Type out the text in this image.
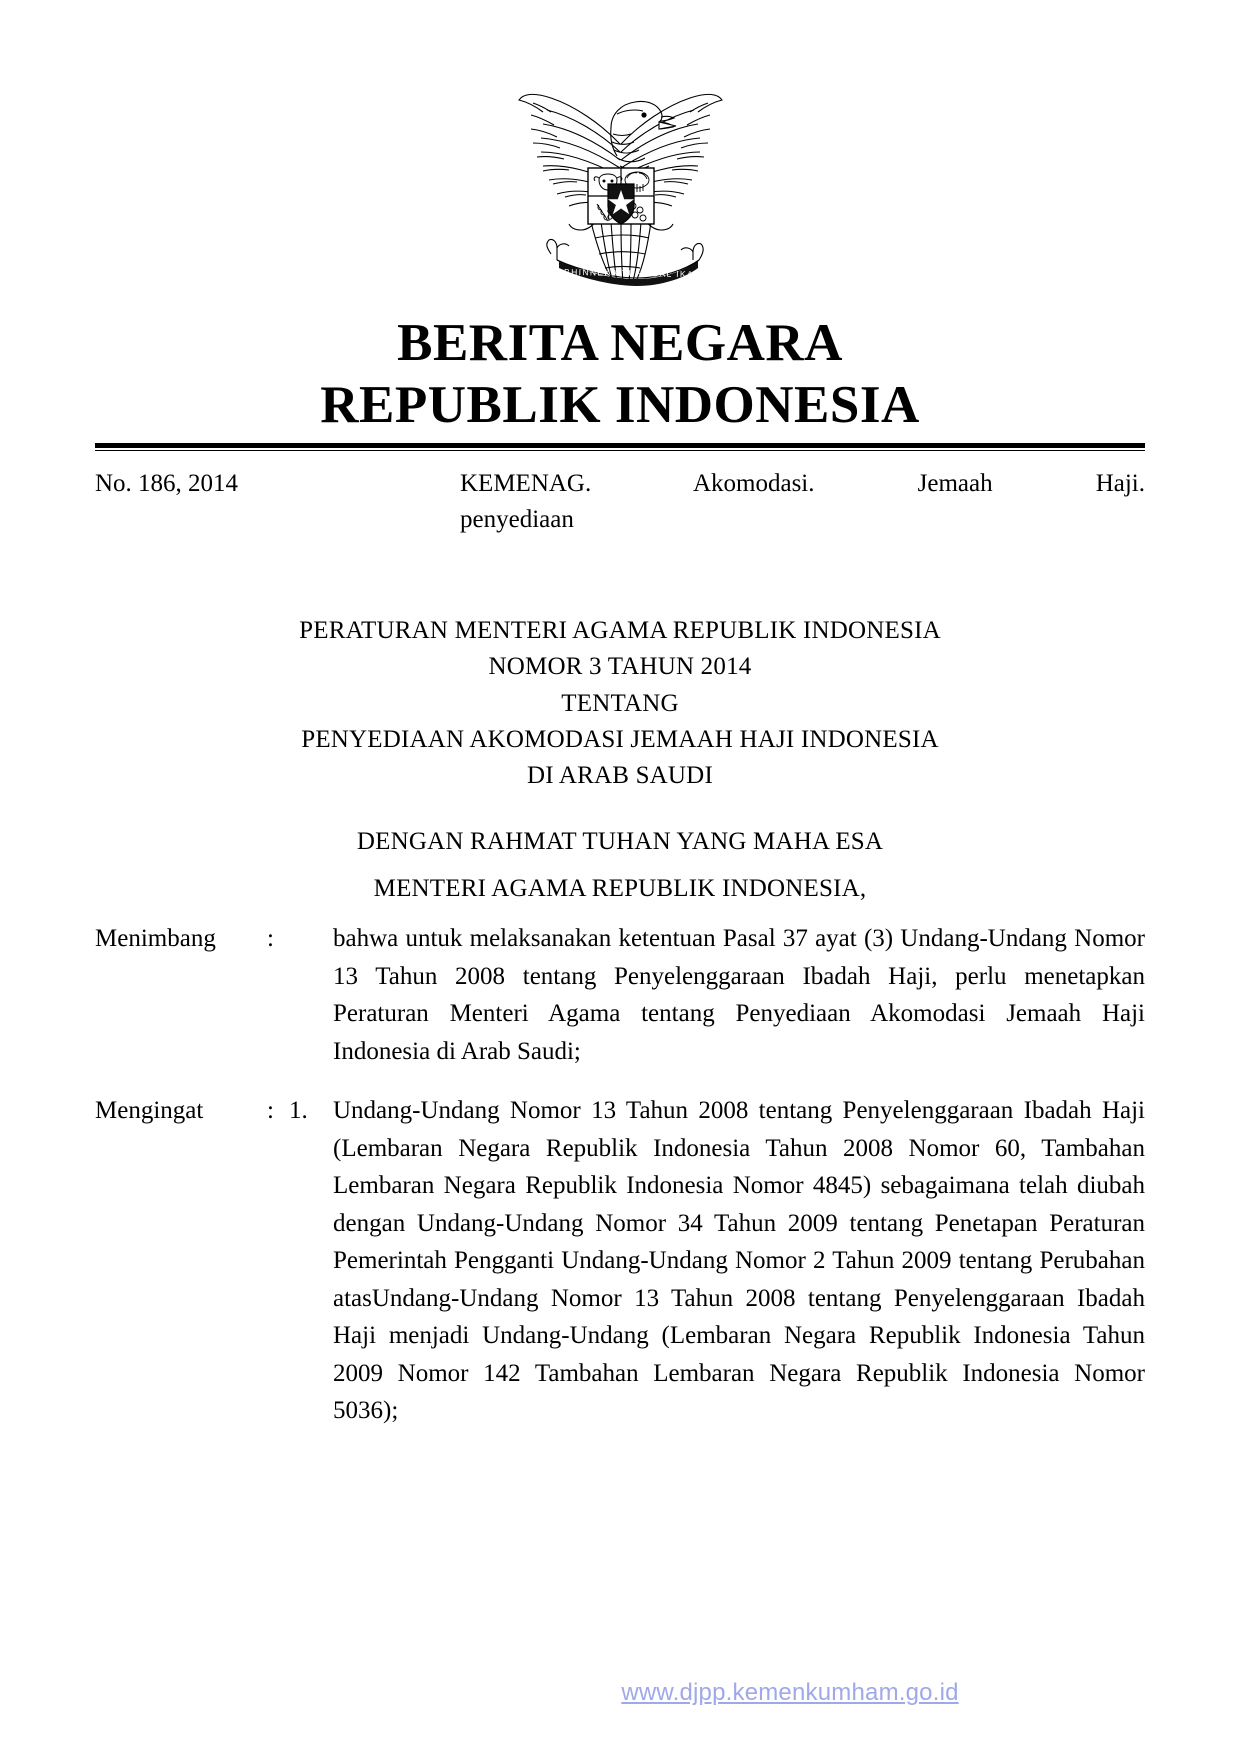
BHINNEKA TUNGGAL IKA
BERITA NEGARA
REPUBLIK INDONESIA
No. 186, 2014	KEMENAG. Akomodasi. Jemaah Haji.
penyediaan
PERATURAN MENTERI AGAMA REPUBLIK INDONESIA
NOMOR 3 TAHUN 2014
TENTANG
PENYEDIAAN AKOMODASI JEMAAH HAJI INDONESIA
DI ARAB SAUDI
DENGAN RAHMAT TUHAN YANG MAHA ESA
MENTERI AGAMA REPUBLIK INDONESIA,
Menimbang	:	bahwa untuk melaksanakan ketentuan Pasal 37 ayat (3) Undang-Undang Nomor 13 Tahun 2008 tentang Penyelenggaraan Ibadah Haji, perlu menetapkan Peraturan Menteri Agama tentang Penyediaan Akomodasi Jemaah Haji Indonesia di Arab Saudi;
Mengingat	: 1.	Undang-Undang Nomor 13 Tahun 2008 tentang Penyelenggaraan Ibadah Haji (Lembaran Negara Republik Indonesia Tahun 2008 Nomor 60, Tambahan Lembaran Negara Republik Indonesia Nomor 4845) sebagaimana telah diubah dengan Undang-Undang Nomor 34 Tahun 2009 tentang Penetapan Peraturan Pemerintah Pengganti Undang-Undang Nomor 2 Tahun 2009 tentang Perubahan atasUndang-Undang Nomor 13 Tahun 2008 tentang Penyelenggaraan Ibadah Haji menjadi Undang-Undang (Lembaran Negara Republik Indonesia Tahun 2009 Nomor 142 Tambahan Lembaran Negara Republik Indonesia Nomor 5036);
www.djpp.kemenkumham.go.id
